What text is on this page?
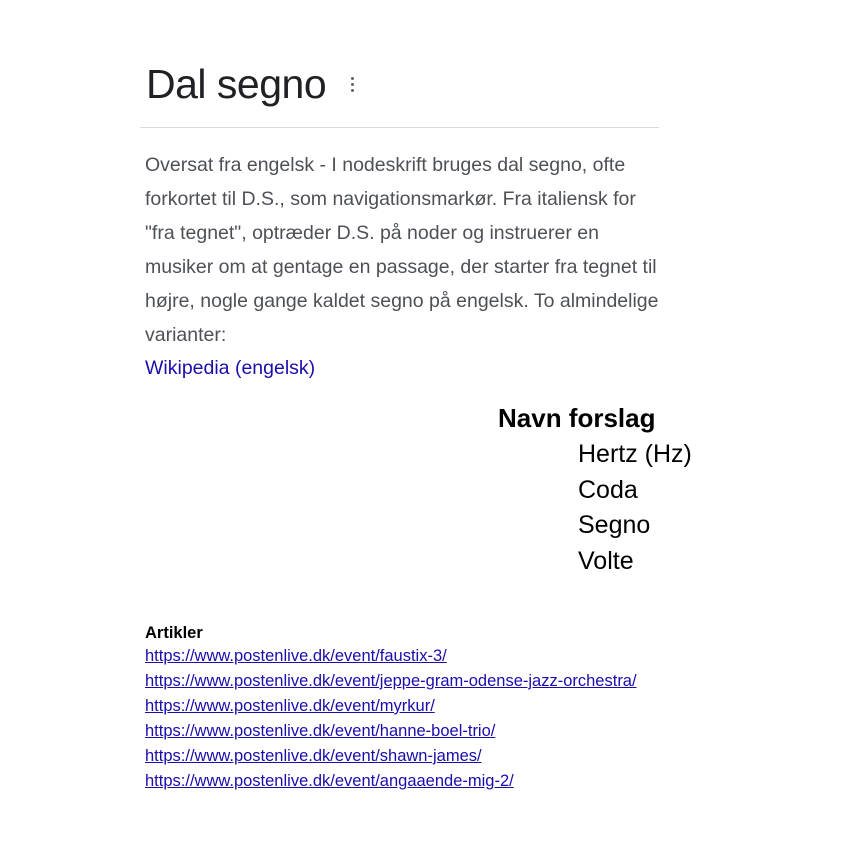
Dal segno

Oversat fra engelsk - I nodeskrift bruges dal segno, ofte forkortet til D.S., som navigationsmarkør. Fra italiensk for "fra tegnet", optræder D.S. på noder og instruerer en musiker om at gentage en passage, der starter fra tegnet til højre, nogle gange kaldet segno på engelsk. To almindelige varianter:

Wikipedia (engelsk)
Navn forslag
Hertz (Hz)
Coda
Segno
Volte
Artikler
https://www.postenlive.dk/event/faustix-3/
https://www.postenlive.dk/event/jeppe-gram-odense-jazz-orchestra/
https://www.postenlive.dk/event/myrkur/
https://www.postenlive.dk/event/hanne-boel-trio/
https://www.postenlive.dk/event/shawn-james/
https://www.postenlive.dk/event/angaaende-mig-2/
